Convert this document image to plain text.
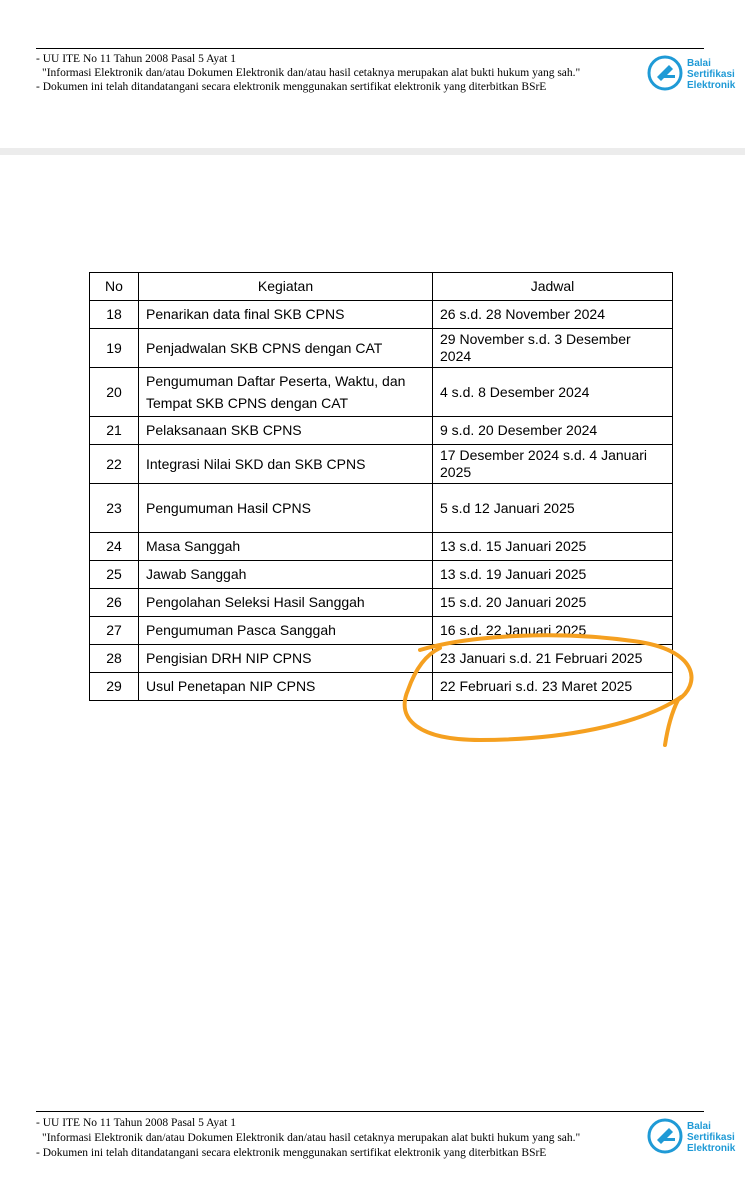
- UU ITE No 11 Tahun 2008 Pasal 5 Ayat 1
"Informasi Elektronik dan/atau Dokumen Elektronik dan/atau hasil cetaknya merupakan alat bukti hukum yang sah."
- Dokumen ini telah ditandatangani secara elektronik menggunakan sertifikat elektronik yang diterbitkan BSrE
Balai
Sertifikasi
Elektronik
No	Kegiatan	Jadwal
18	Penarikan data final SKB CPNS	26 s.d. 28 November 2024
19	Penjadwalan SKB CPNS dengan CAT	29 November s.d. 3 Desember 2024
20	Pengumuman Daftar Peserta, Waktu, dan Tempat SKB CPNS dengan CAT	4 s.d. 8 Desember 2024
21	Pelaksanaan SKB CPNS	9 s.d. 20 Desember 2024
22	Integrasi Nilai SKD dan SKB CPNS	17 Desember 2024 s.d. 4 Januari 2025
23	Pengumuman Hasil CPNS	5 s.d 12 Januari 2025
24	Masa Sanggah	13 s.d. 15 Januari 2025
25	Jawab Sanggah	13 s.d. 19 Januari 2025
26	Pengolahan Seleksi Hasil Sanggah	15 s.d. 20 Januari 2025
27	Pengumuman Pasca Sanggah	16 s.d. 22 Januari 2025
28	Pengisian DRH NIP CPNS	23 Januari s.d. 21 Februari 2025
29	Usul Penetapan NIP CPNS	22 Februari s.d. 23 Maret 2025
- UU ITE No 11 Tahun 2008 Pasal 5 Ayat 1
"Informasi Elektronik dan/atau Dokumen Elektronik dan/atau hasil cetaknya merupakan alat bukti hukum yang sah."
- Dokumen ini telah ditandatangani secara elektronik menggunakan sertifikat elektronik yang diterbitkan BSrE
Balai
Sertifikasi
Elektronik
